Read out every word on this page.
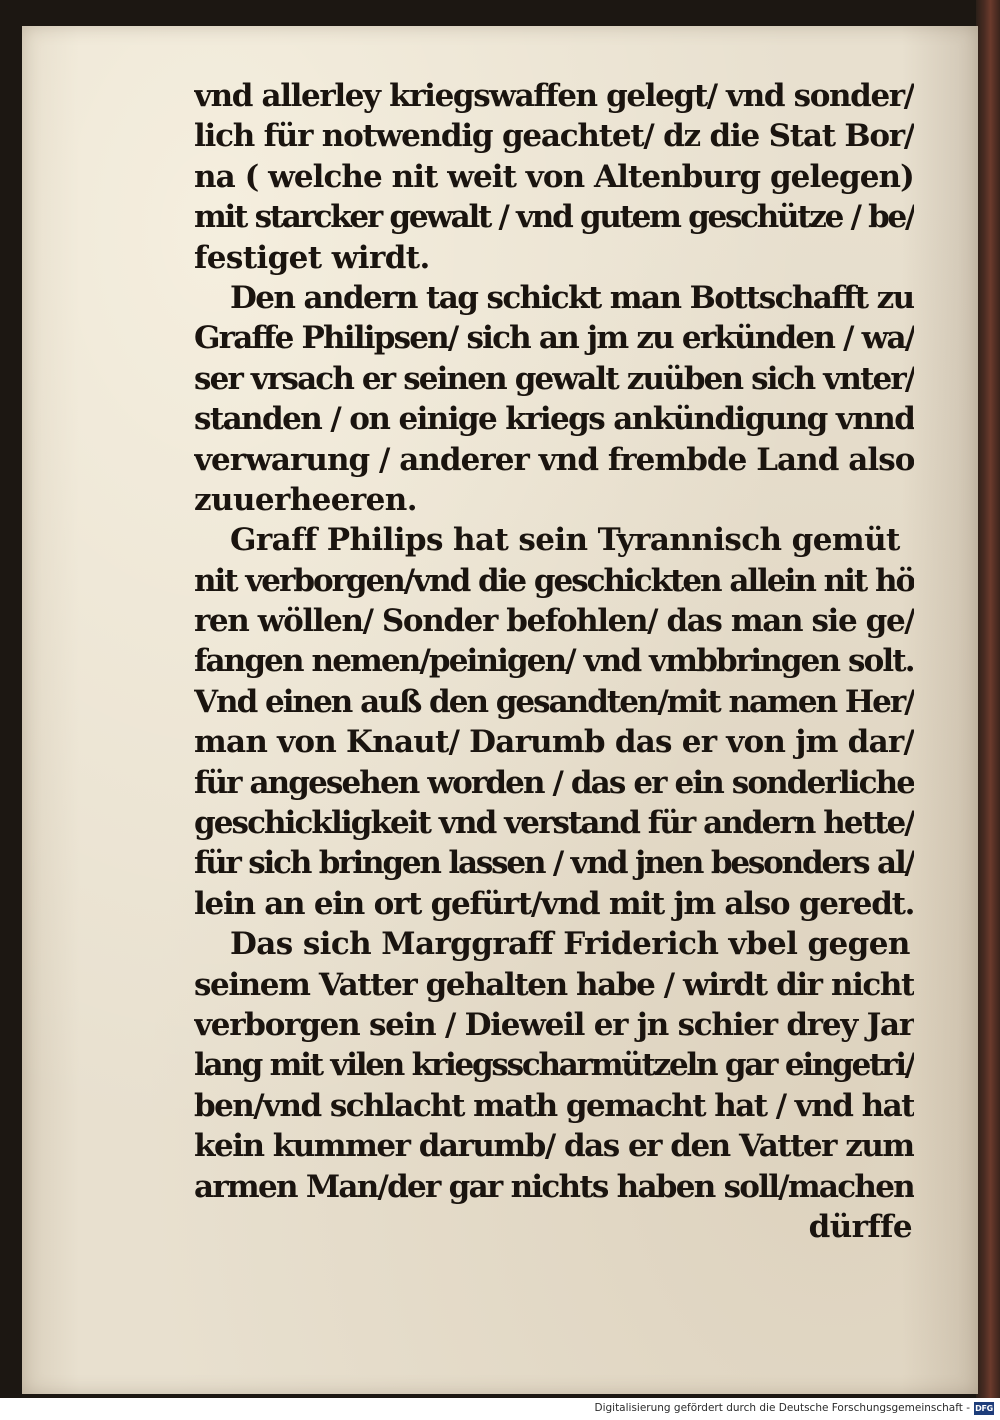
vnd allerley kriegswaffen gelegt/ vnd sonder/
lich für notwendig geachtet/ dz die Stat Bor/
na ( welche nit weit von Altenburg gelegen)
mit starcker gewalt / vnd gutem geschütze / be/
festiget wirdt.
Den andern tag schickt man Bottschafft zu
Graffe Philipsen/ sich an jm zu erkünden / wa/
ser vrsach er seinen gewalt zuüben sich vnter/
standen / on einige kriegs ankündigung vnnd
verwarung / anderer vnd frembde Land also
zuuerheeren.
Graff Philips hat sein Tyrannisch gemüt
nit verborgen/vnd die geschickten allein nit hö
ren wöllen/ Sonder befohlen/ das man sie ge/
fangen nemen/peinigen/ vnd vmbbringen solt.
Vnd einen auß den gesandten/mit namen Her/
man von Knaut/ Darumb das er von jm dar/
für angesehen worden / das er ein sonderliche
geschickligkeit vnd verstand für andern hette/
für sich bringen lassen / vnd jnen besonders al/
lein an ein ort gefürt/vnd mit jm also geredt.
Das sich Marggraff Friderich vbel gegen
seinem Vatter gehalten habe / wirdt dir nicht
verborgen sein / Dieweil er jn schier drey Jar
lang mit vilen kriegsscharmützeln gar eingetri/
ben/vnd schlacht math gemacht hat / vnd hat
kein kummer darumb/ das er den Vatter zum
armen Man/der gar nichts haben soll/machen
dürffe
Digitalisierung gefördert durch die Deutsche Forschungsgemeinschaft - DFG
